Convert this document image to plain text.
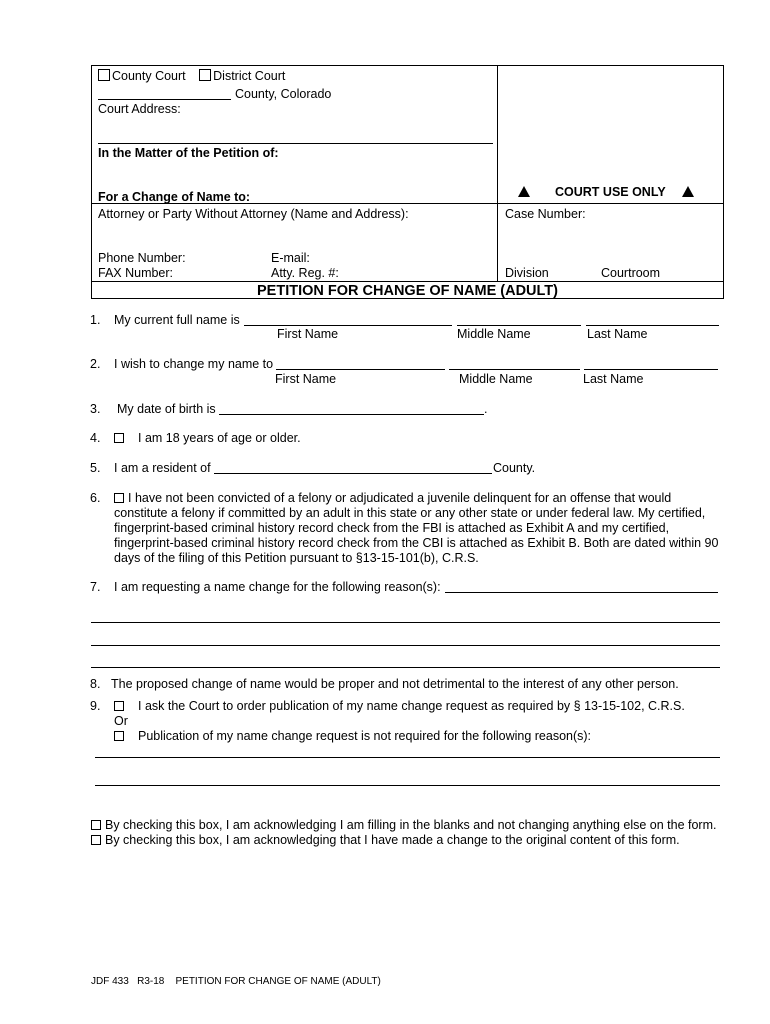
County Court District Court
County, Colorado
Court Address:
In the Matter of the Petition of:
For a Change of Name to:	COURT USE ONLY
Attorney or Party Without Attorney (Name and Address):
Phone Number:	E-mail:
FAX Number:	Atty. Reg. #:
Case Number:
Division	Courtroom
PETITION FOR CHANGE OF NAME (ADULT)
1. My current full name is
First Name	Middle Name	Last Name
2. I wish to change my name to
First Name	Middle Name	Last Name
3. My date of birth is	.
4.	I am 18 years of age or older.
5. I am a resident of	County.
6.	I have not been convicted of a felony or adjudicated a juvenile delinquent for an offense that would
constitute a felony if committed by an adult in this state or any other state or under federal law. My certified,
fingerprint-based criminal history record check from the FBI is attached as Exhibit A and my certified,
fingerprint-based criminal history record check from the CBI is attached as Exhibit B. Both are dated within 90
days of the filing of this Petition pursuant to §13-15-101(b), C.R.S.
7. I am requesting a name change for the following reason(s):
8. The proposed change of name would be proper and not detrimental to the interest of any other person.
9.	I ask the Court to order publication of my name change request as required by § 13-15-102, C.R.S.
Or
Publication of my name change request is not required for the following reason(s):
By checking this box, I am acknowledging I am filling in the blanks and not changing anything else on the form.
By checking this box, I am acknowledging that I have made a change to the original content of this form.
JDF 433   R3-18    PETITION FOR CHANGE OF NAME (ADULT)
